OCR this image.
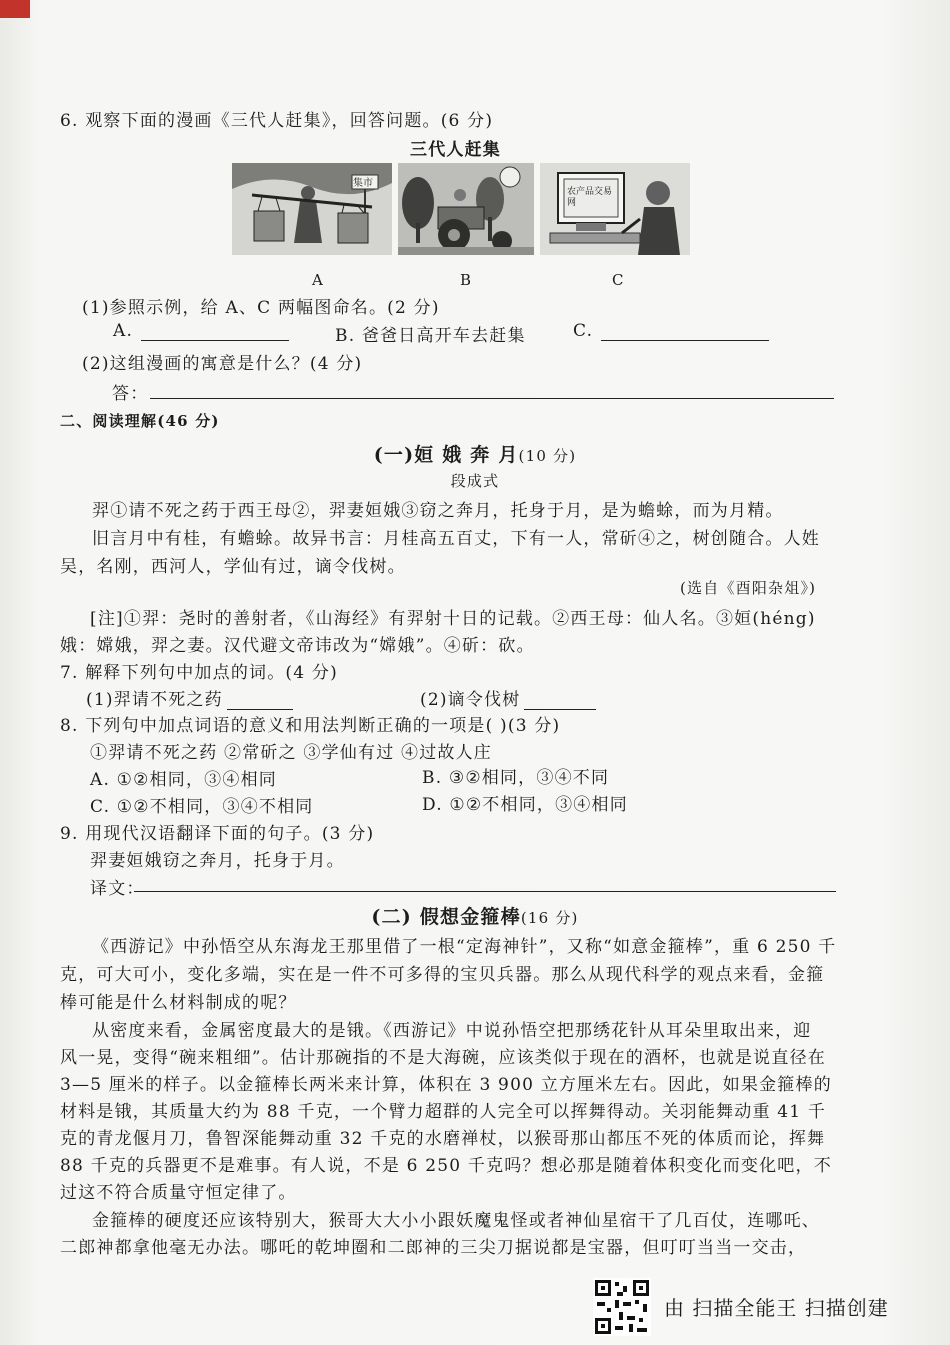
6. 观察下面的漫画《三代人赶集》，回答问题。(6 分)
三代人赶集
集市
农产品交易网
A	B	C
(1)参照示例，给 A、C 两幅图命名。(2 分)
A.	B. 爸爸日高开车去赶集	C.
(2)这组漫画的寓意是什么？(4 分)
答：
二、阅读理解(46 分)
(一)姮 娥 奔 月(10 分)
段成式
羿①请不死之药于西王母②，羿妻姮娥③窃之奔月，托身于月，是为蟾蜍，而为月精。
旧言月中有桂，有蟾蜍。故异书言：月桂高五百丈，下有一人，常斫④之，树创随合。人姓
吴，名刚，西河人，学仙有过，谪令伐树。
(选自《酉阳杂俎》)
[注]①羿：尧时的善射者，《山海经》有羿射十日的记载。②西王母：仙人名。③姮(héng)
娥：嫦娥，羿之妻。汉代避文帝讳改为“嫦娥”。④斫：砍。
7. 解释下列句中加点的词。(4 分)
(1)羿请不死之药	(2)谪令伐树
8. 下列句中加点词语的意义和用法判断正确的一项是( )(3 分)
①羿请不死之药 ②常斫之 ③学仙有过 ④过故人庄
A. ①②相同，③④相同	B. ③②相同，③④不同
C. ①②不相同，③④不相同	D. ①②不相同，③④相同
9. 用现代汉语翻译下面的句子。(3 分)
羿妻姮娥窃之奔月，托身于月。
译文：
(二) 假想金箍棒(16 分)
《西游记》中孙悟空从东海龙王那里借了一根“定海神针”，又称“如意金箍棒”，重 6 250 千
克，可大可小，变化多端，实在是一件不可多得的宝贝兵器。那么从现代科学的观点来看，金箍
棒可能是什么材料制成的呢？
从密度来看，金属密度最大的是锇。《西游记》中说孙悟空把那绣花针从耳朵里取出来，迎
风一晃，变得“碗来粗细”。估计那碗指的不是大海碗，应该类似于现在的酒杯，也就是说直径在
3—5 厘米的样子。以金箍棒长两米来计算，体积在 3 900 立方厘米左右。因此，如果金箍棒的
材料是锇，其质量大约为 88 千克，一个臂力超群的人完全可以挥舞得动。关羽能舞动重 41 千
克的青龙偃月刀，鲁智深能舞动重 32 千克的水磨禅杖，以猴哥那山都压不死的体质而论，挥舞
88 千克的兵器更不是难事。有人说，不是 6 250 千克吗？想必那是随着体积变化而变化吧，不
过这不符合质量守恒定律了。
金箍棒的硬度还应该特别大，猴哥大大小小跟妖魔鬼怪或者神仙星宿干了几百仗，连哪吒、
二郎神都拿他毫无办法。哪吒的乾坤圈和二郎神的三尖刀据说都是宝器，但叮叮当当一交击，
由 扫描全能王 扫描创建
